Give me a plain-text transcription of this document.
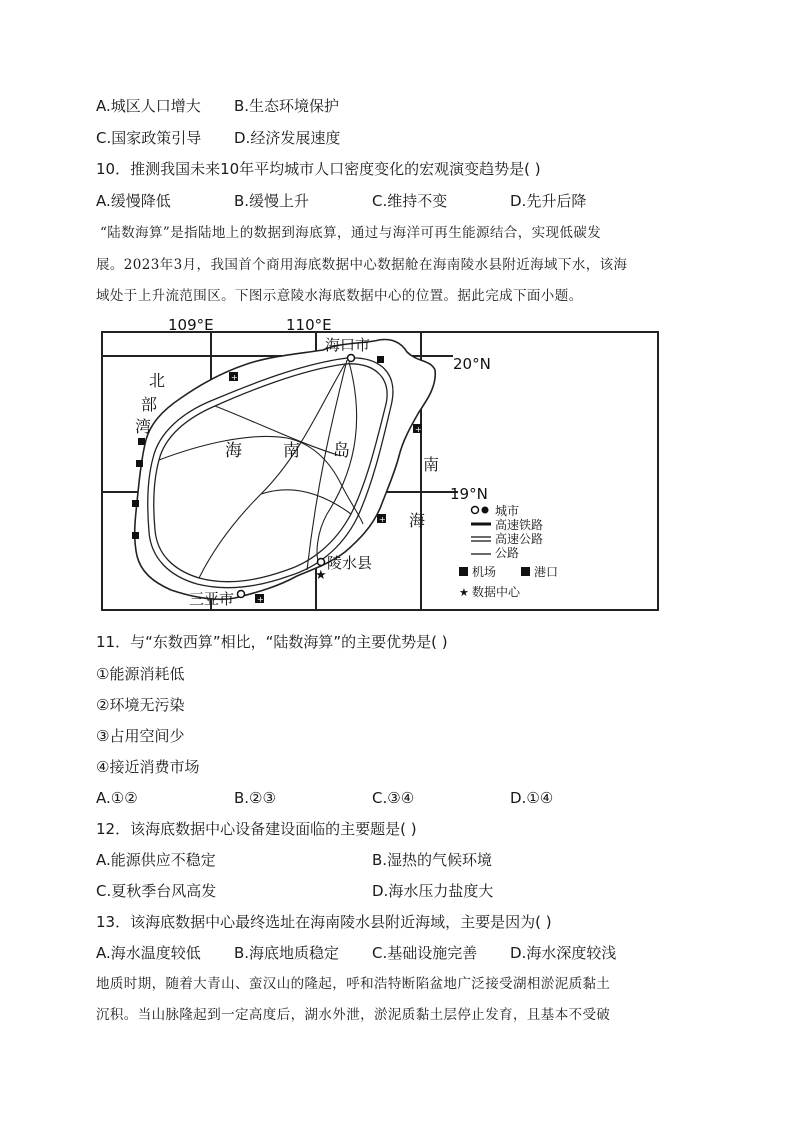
A.城区人口增大 B.生态环境保护
C.国家政策引导 D.经济发展速度
10．推测我国未来10年平均城市人口密度变化的宏观演变趋势是( )
A.缓慢降低	B.缓慢上升	C.维持不变	D.先升后降
“陆数海算”是指陆地上的数据到海底算，通过与海洋可再生能源结合，实现低碳发
展。2023年3月，我国首个商用海底数据中心数据舱在海南陵水县附近海域下水，该海
域处于上升流范围区。下图示意陵水海底数据中心的位置。据此完成下面小题。
109°E	110°E
20°N
19°N
+
+
+
+
★
海口市
陵水县
三亚市
海 南 岛
北
部
湾
南
海	城市
高速铁路
高速公路
公路
机场	港口
★ 数据中心
11．与“东数西算”相比，“陆数海算”的主要优势是( )
①能源消耗低
②环境无污染
③占用空间少
④接近消费市场
A.①②	B.②③	C.③④	D.①④
12．该海底数据中心设备建设面临的主要题是( )
A.能源供应不稳定	B.湿热的气候环境
C.夏秋季台风高发	D.海水压力盐度大
13．该海底数据中心最终选址在海南陵水县附近海域，主要是因为( )
A.海水温度较低 B.海底地质稳定 C.基础设施完善 D.海水深度较浅
地质时期，随着大青山、蛮汉山的隆起，呼和浩特断陷盆地广泛接受湖相淤泥质黏土
沉积。当山脉隆起到一定高度后，湖水外泄，淤泥质黏土层停止发育，且基本不受破
